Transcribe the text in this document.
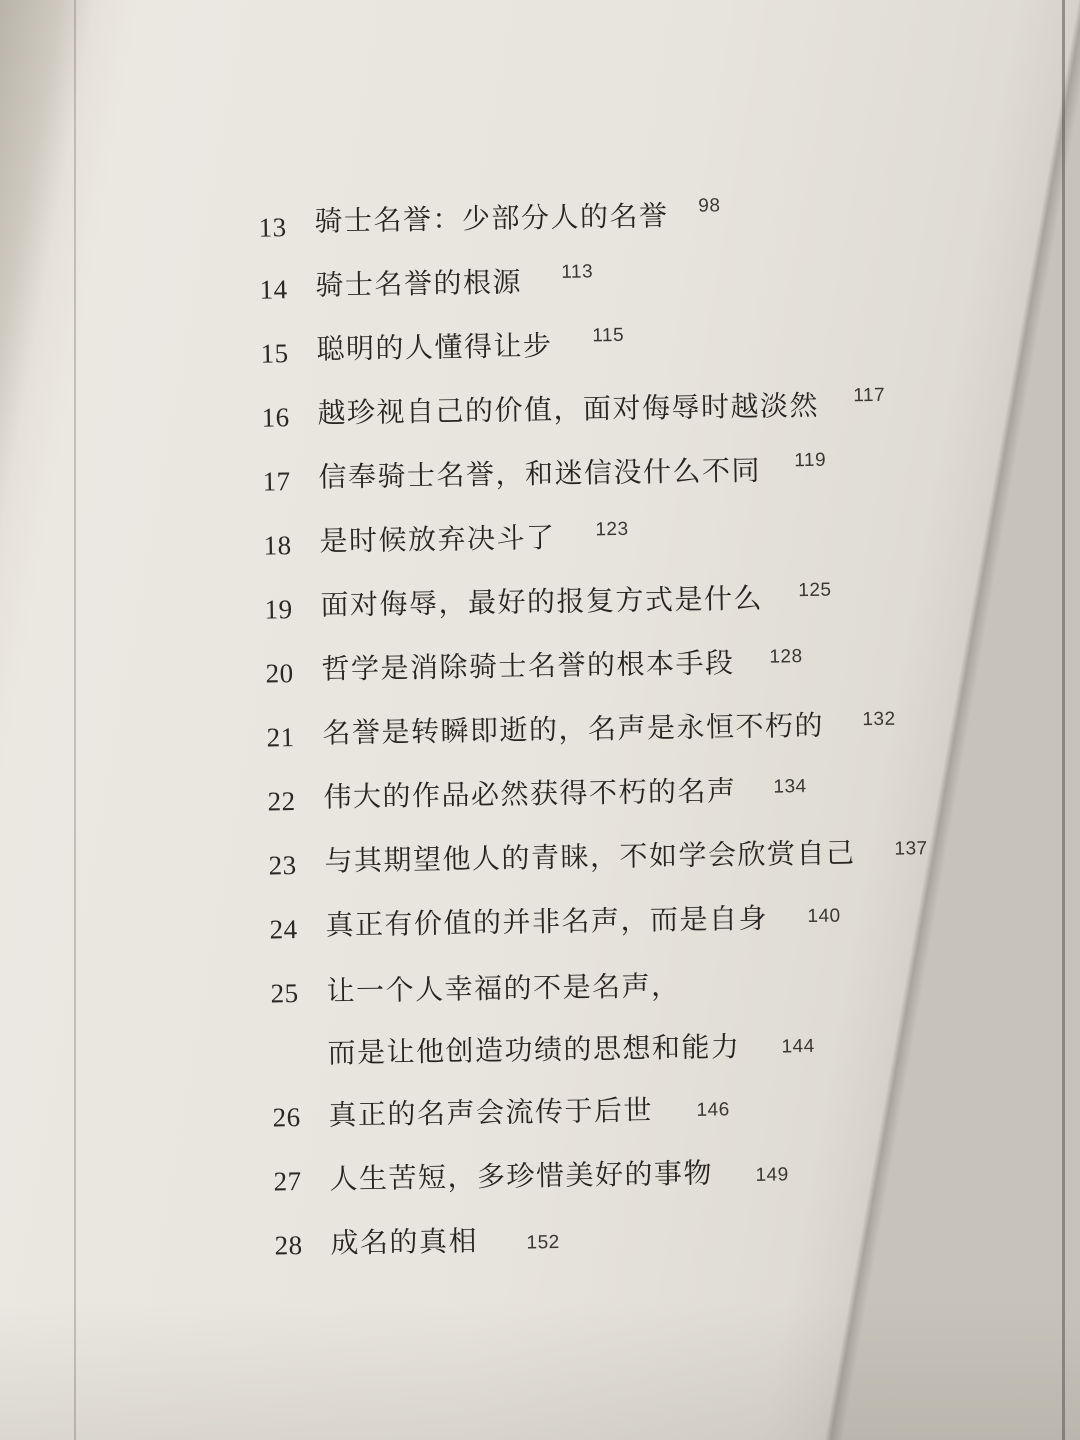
13 骑士名誉：少部分人的名誉 98
14 骑士名誉的根源 113
15 聪明的人懂得让步 115
16 越珍视自己的价值，面对侮辱时越淡然 117
17 信奉骑士名誉，和迷信没什么不同 119
18 是时候放弃决斗了 123
19 面对侮辱，最好的报复方式是什么 125
20 哲学是消除骑士名誉的根本手段 128
21 名誉是转瞬即逝的，名声是永恒不朽的 132
22 伟大的作品必然获得不朽的名声 134
23 与其期望他人的青睐，不如学会欣赏自己 137
24 真正有价值的并非名声，而是自身 140
25 让一个人幸福的不是名声，
而是让他创造功绩的思想和能力 144
26 真正的名声会流传于后世 146
27 人生苦短，多珍惜美好的事物 149
28 成名的真相	152
